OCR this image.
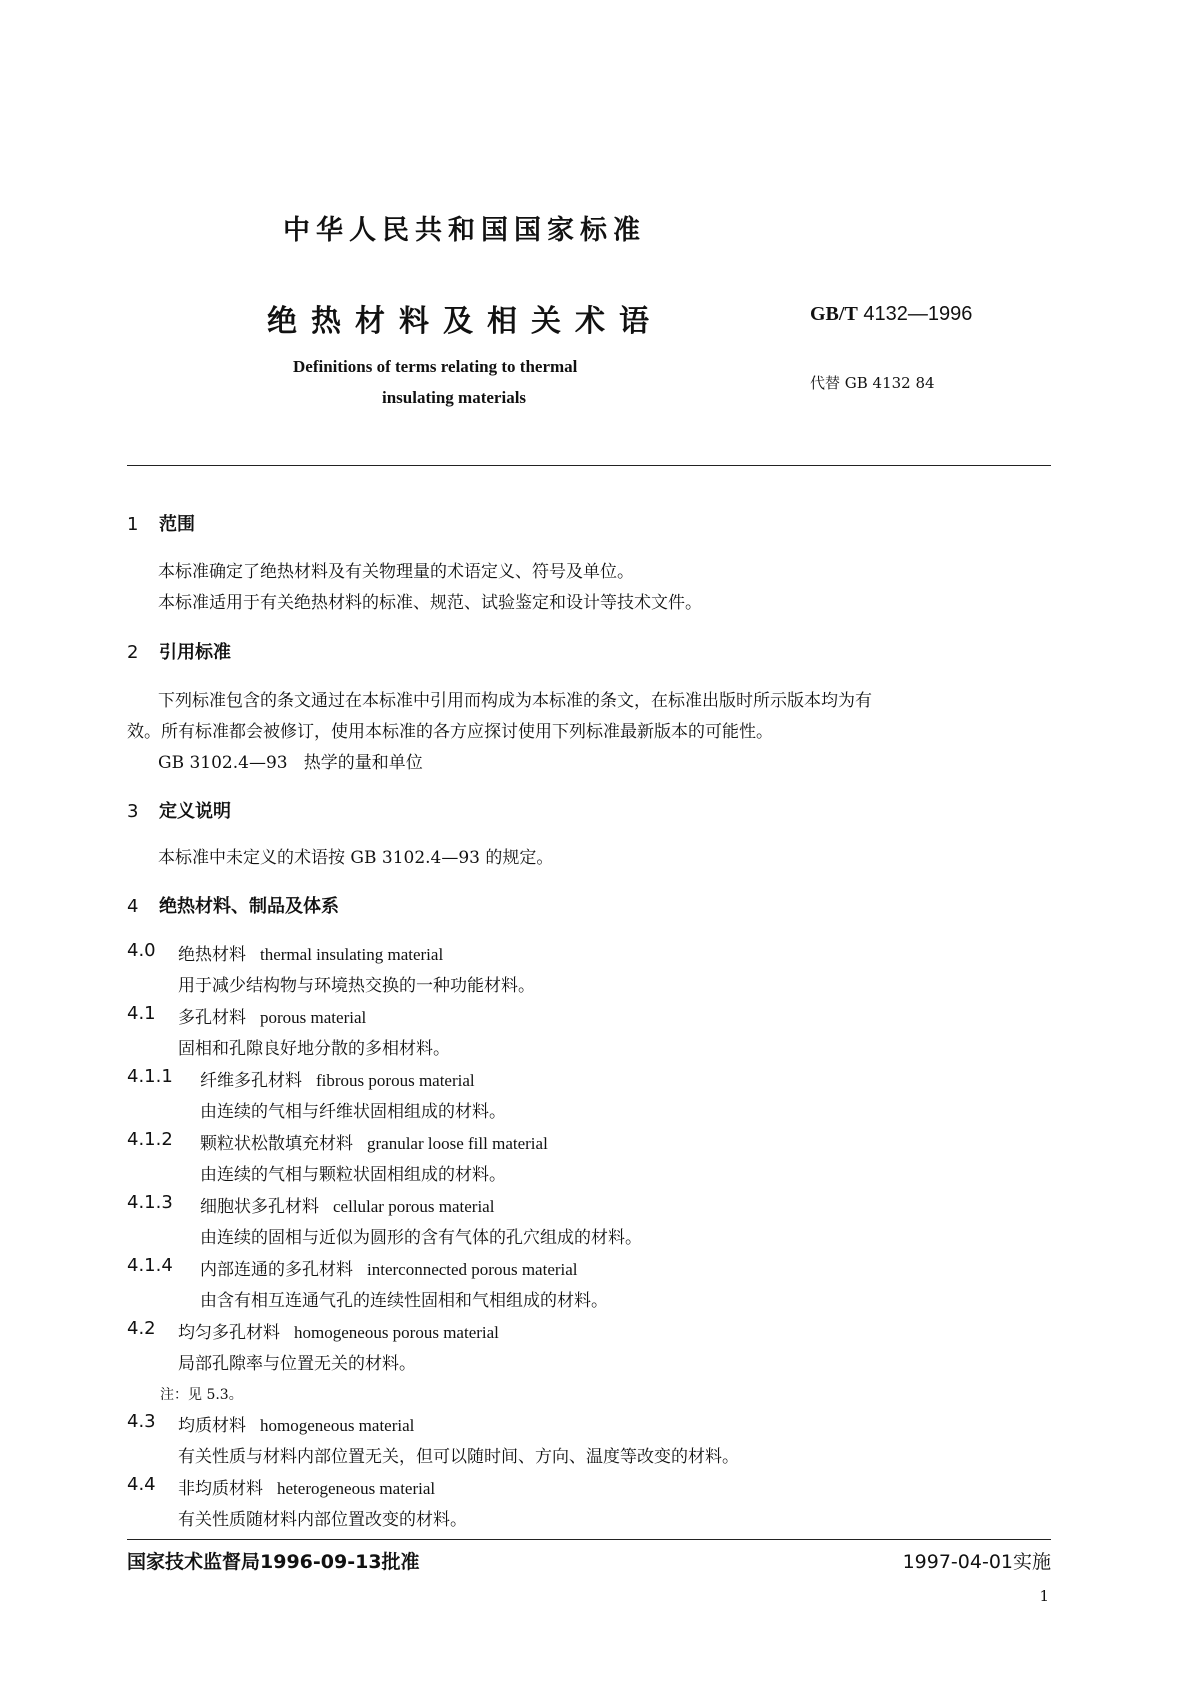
中华人民共和国国家标准
绝热材料及相关术语	GB/T 4132—1996
Definitions of terms relating to thermal
insulating materials
代替 GB 4132 84
1 范围
本标准确定了绝热材料及有关物理量的术语定义、符号及单位。
本标准适用于有关绝热材料的标准、规范、试验鉴定和设计等技术文件。
2 引用标准
下列标准包含的条文通过在本标准中引用而构成为本标准的条文，在标准出版时所示版本均为有
效。所有标准都会被修订，使用本标准的各方应探讨使用下列标准最新版本的可能性。
GB 3102.4—93   热学的量和单位
3 定义说明
本标准中未定义的术语按 GB 3102.4—93 的规定。
4 绝热材料、制品及体系
4.0 绝热材料 thermal insulating material
用于减少结构物与环境热交换的一种功能材料。
4.1 多孔材料 porous material
固相和孔隙良好地分散的多相材料。
4.1.1 纤维多孔材料 fibrous porous material
由连续的气相与纤维状固相组成的材料。
4.1.2 颗粒状松散填充材料 granular loose fill material
由连续的气相与颗粒状固相组成的材料。
4.1.3 细胞状多孔材料 cellular porous material
由连续的固相与近似为圆形的含有气体的孔穴组成的材料。
4.1.4 内部连通的多孔材料 interconnected porous material
由含有相互连通气孔的连续性固相和气相组成的材料。
4.2 均匀多孔材料 homogeneous porous material
局部孔隙率与位置无关的材料。
注：见 5.3。
4.3 均质材料 homogeneous material
有关性质与材料内部位置无关，但可以随时间、方向、温度等改变的材料。
4.4 非均质材料 heterogeneous material
有关性质随材料内部位置改变的材料。
国家技术监督局1996-09-13批准	1997-04-01实施
1
